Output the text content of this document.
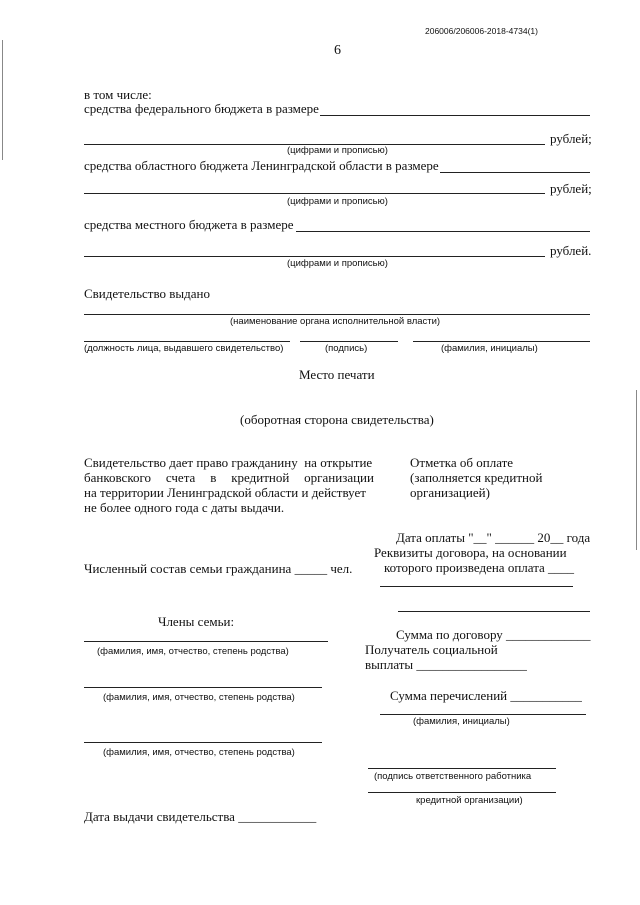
206006/206006-2018-4734(1)
6
в том числе:
средства федерального бюджета в размере
рублей;
(цифрами и прописью)
средства областного бюджета Ленинградской области в размере
рублей;
(цифрами и прописью)
средства местного бюджета в размере
рублей.
(цифрами и прописью)
Свидетельство выдано
(наименование органа исполнительной власти)
(должность лица, выдавшего свидетельство)	(подпись)	(фамилия, инициалы)
Место печати
(оборотная сторона свидетельства)
Свидетельство дает право гражданину  на открытие
банковского счета в кредитной организации
на территории Ленинградской области и действует
не более одного года с даты выдачи.
Отметка об оплате
(заполняется кредитной
организацией)
Дата оплаты "__" ______ 20__ года
Реквизиты договора, на основании
которого произведена оплата ____
Численный состав семьи гражданина _____ чел.
Члены семьи:
(фамилия, имя, отчество, степень родства)
Сумма по договору _____________
Получатель социальной
выплаты _________________
(фамилия, имя, отчество, степень родства)	Сумма перечислений ___________
(фамилия, инициалы)
(фамилия, имя, отчество, степень родства)
(подпись ответственного работника
кредитной организации)
Дата выдачи свидетельства ____________
